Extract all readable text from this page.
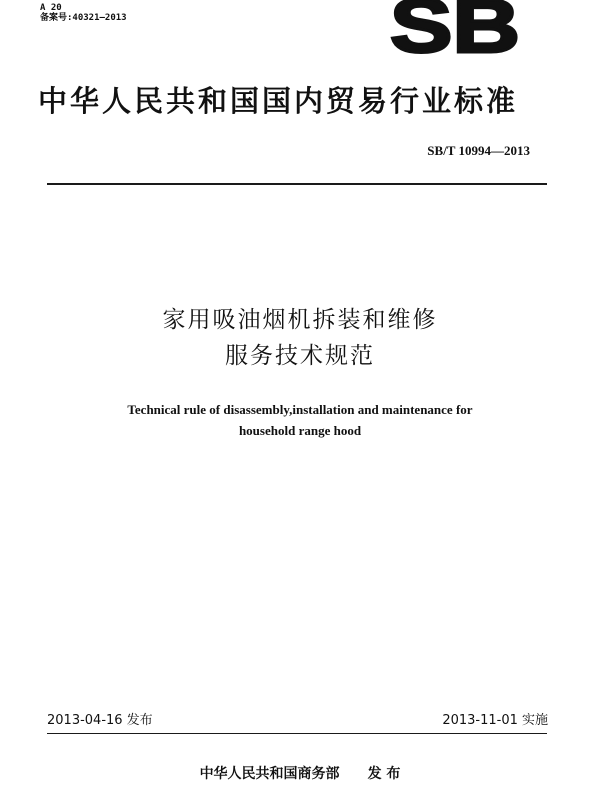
A 20
备案号:40321—2013	SB
中华人民共和国国内贸易行业标准
SB/T 10994—2013
家用吸油烟机拆装和维修
服务技术规范
Technical rule of disassembly,installation and maintenance for
household range hood
2013-04-16 发布	2013-11-01 实施
中华人民共和国商务部 发 布
